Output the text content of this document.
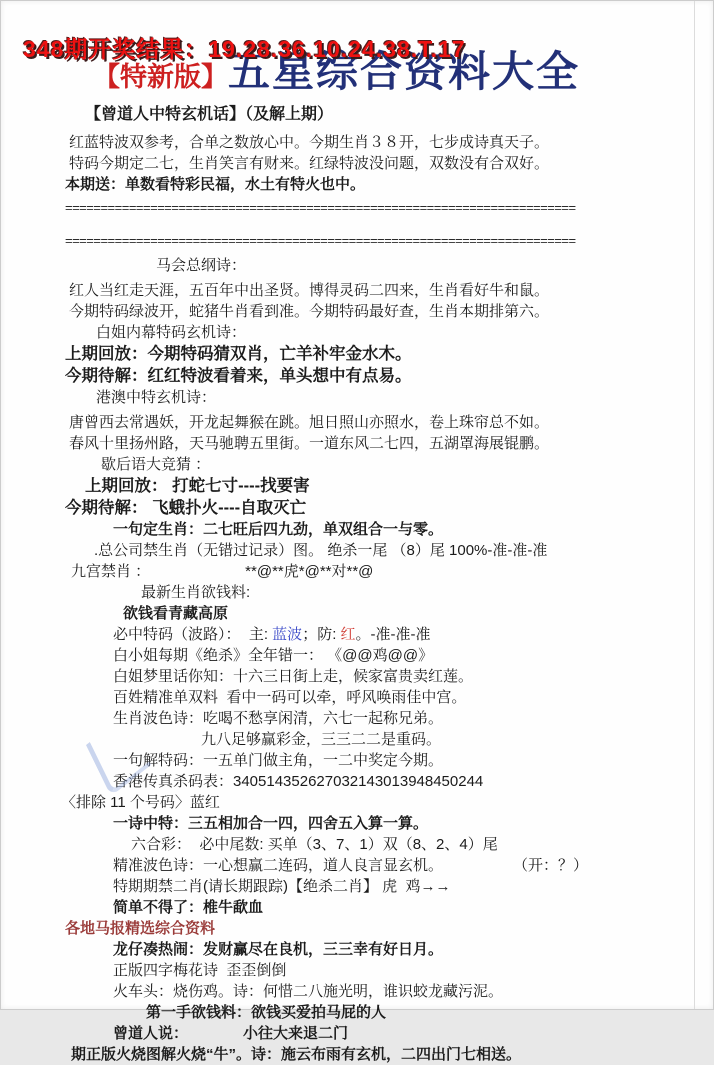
348期开奖结果：19.28.36.10.24.38.T.17
【特新版】 五星综合资料大全
【曾道人中特玄机话】（及解上期）
红蓝特波双参考，合单之数放心中。今期生肖３８开，七步成诗真天子。
特码今期定二七，生肖笑言有财来。红绿特波没问题，双数没有合双好。
本期送：单数看特彩民福，水土有特火也中。
========================================================================
========================================================================
马会总纲诗：
红人当红走天涯，五百年中出圣贤。博得灵码二四来，生肖看好牛和鼠。
今期特码绿波开，蛇猪牛肖看到准。今期特码最好查，生肖本期排第六。
白姐内幕特码玄机诗：
上期回放：今期特码猜双肖，亡羊补牢金水木。
今期待解：红红特波看着来，单头想中有点易。
港澳中特玄机诗：
唐曾西去常遇妖，开龙起舞猴在跳。旭日照山亦照水，卷上珠帘总不如。
春风十里扬州路，天马驰聘五里街。一道东风二七四，五湖罩海展锟鹏。
歇后语大竞猜 ：
上期回放： 打蛇七寸----找要害
今期待解： 飞蛾扑火----自取灭亡
一句定生肖：二七旺后四九劲，单双组合一与零。
.总公司禁生肖（无错过记录）图。 绝杀一尾 （8）尾 100%-准-准-准
九宫禁肖 ：	**@**虎*@**对**@
最新生肖欲钱料:
欲钱看青藏高原
必中特码（波路）：  主: 蓝波；防: 红。-准-准-准
白小姐每期《绝杀》全年错一： 《@@鸡@@》
白姐梦里话你知：十六三日街上走，候家富贵卖红莲。
百姓精准单双料  看中一码可以牵，呼风唤雨佳中宫。
生肖波色诗：吃喝不愁享闲清，六七一起称兄弟。
九八足够赢彩金，三三二二是重码。
一句解特码：一五单门做主角，一二中奖定今期。
香港传真杀码表：340514352627032143013948450244
〈排除 11 个号码〉蓝红
一诗中特：三五相加合一四，四舍五入算一算。
六合彩：  必中尾数: 买单（3、7、1）双（8、2、4）尾
精准波色诗：一心想赢二连码，道人良言显玄机。	（开：？）
特期期禁二肖(请长期跟踪)【绝杀二肖】 虎  鸡→→
简单不得了：椎牛歃血
各地马报精选综合资料
龙仔凑热闹：发财赢尽在良机，三三幸有好日月。
正版四字梅花诗  歪歪倒倒
火车头：烧伤鸡。诗：何惜二八施光明，谁识蛟龙藏污泥。
第一手欲钱料：欲钱买爱拍马屁的人
曾道人说：	小往大来退二门
期正版火烧图解火烧“牛”。诗：施云布雨有玄机，二四出门七相送。
